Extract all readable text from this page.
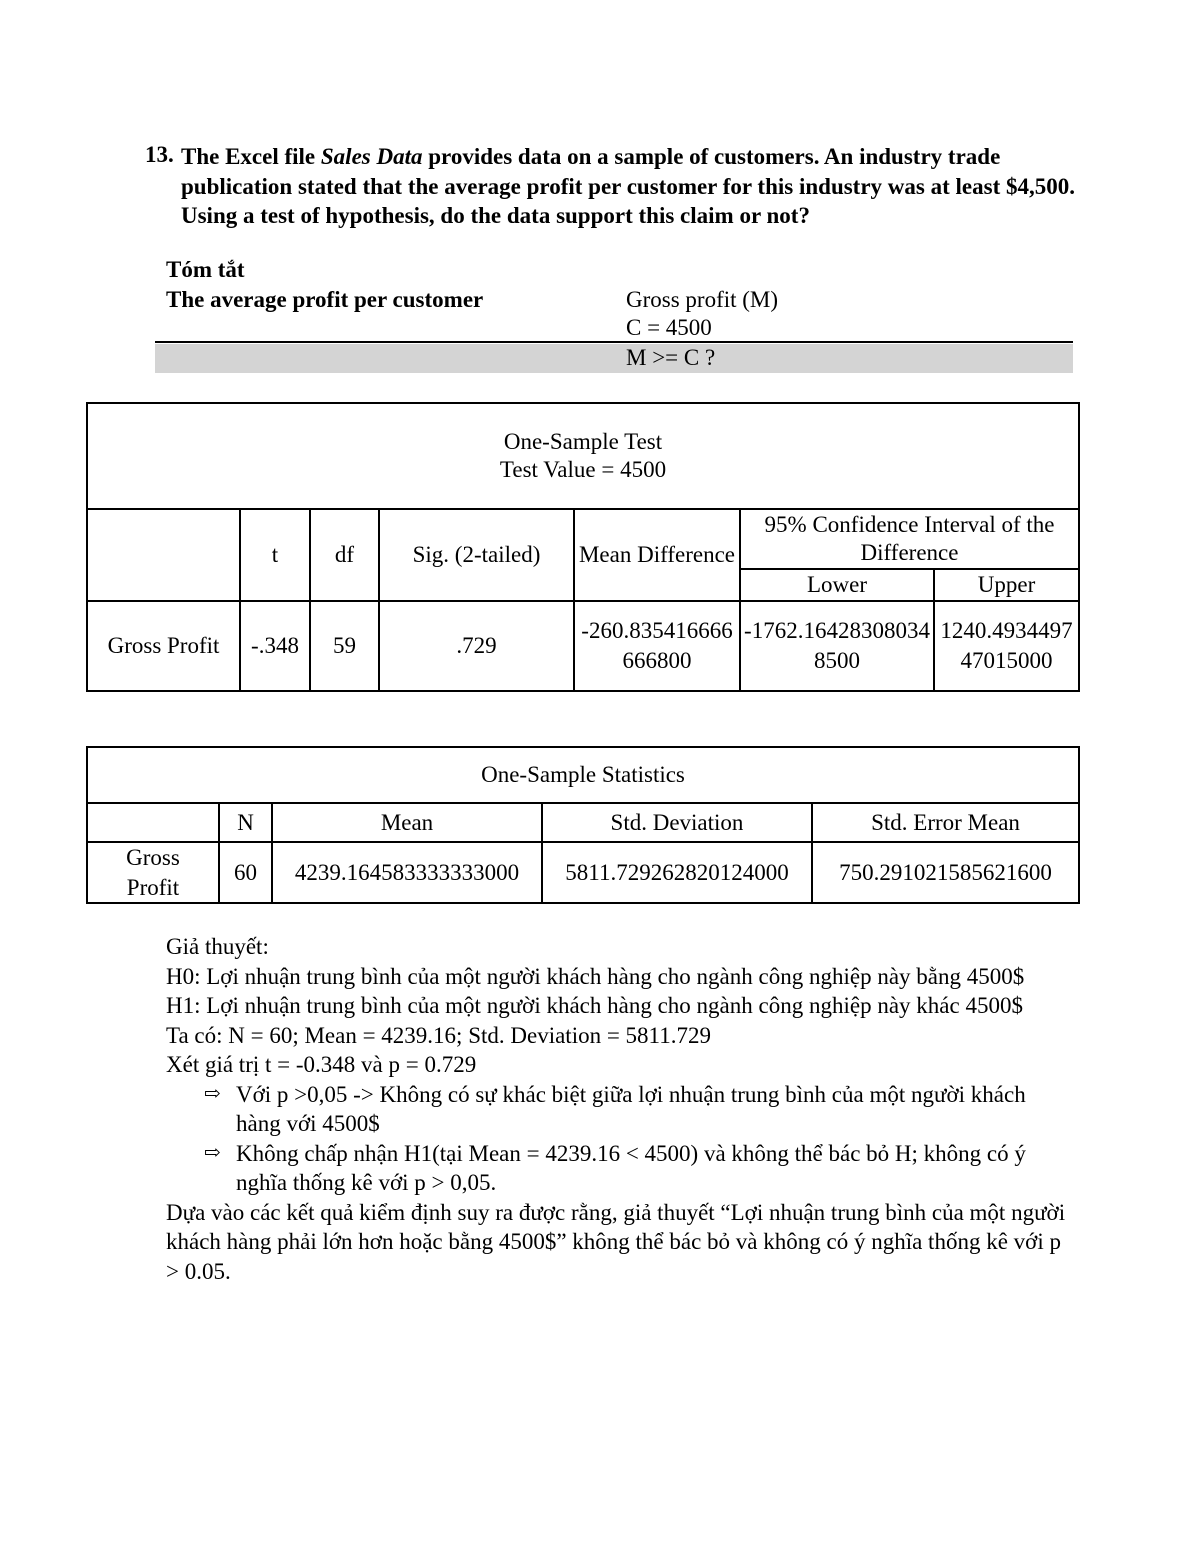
13. The Excel file Sales Data provides data on a sample of customers. An industry trade publication stated that the average profit per customer for this industry was at least $4,500. Using a test of hypothesis, do the data support this claim or not?
Tóm tắt
The average profit per customer	Gross profit (M)
C = 4500
M >= C ?
One-Sample Test
Test Value = 4500						

	t	df	Sig. (2-tailed)	Mean Difference	95% Confidence Interval of the Difference	
					Lower	Upper
Gross Profit	-.348	59	.729	-260.835416666666800	-1762.164283080348500	1240.493449747015000
One-Sample Statistics				
	N	Mean	Std. Deviation	Std. Error Mean
Gross Profit	60	4239.164583333333000	5811.729262820124000	750.291021585621600

Giả thuyết:

H0: Lợi nhuận trung bình của một người khách hàng cho ngành công nghiệp này bằng 4500$

H1: Lợi nhuận trung bình của một người khách hàng cho ngành công nghiệp này khác 4500$

Ta có: N = 60; Mean = 4239.16; Std. Deviation = 5811.729

Xét giá trị t = -0.348 và p = 0.729

⇨ Với p >0,05 -> Không có sự khác biệt giữa lợi nhuận trung bình của một người khách hàng với 4500$

⇨ Không chấp nhận H1(tại Mean = 4239.16 < 4500) và không thể bác bỏ H; không có ý nghĩa thống kê với p > 0,05.

Dựa vào các kết quả kiểm định suy ra được rằng, giả thuyết “Lợi nhuận trung bình của một người khách hàng phải lớn hơn hoặc bằng 4500$” không thể bác bỏ và không có ý nghĩa thống kê với p > 0.05.
